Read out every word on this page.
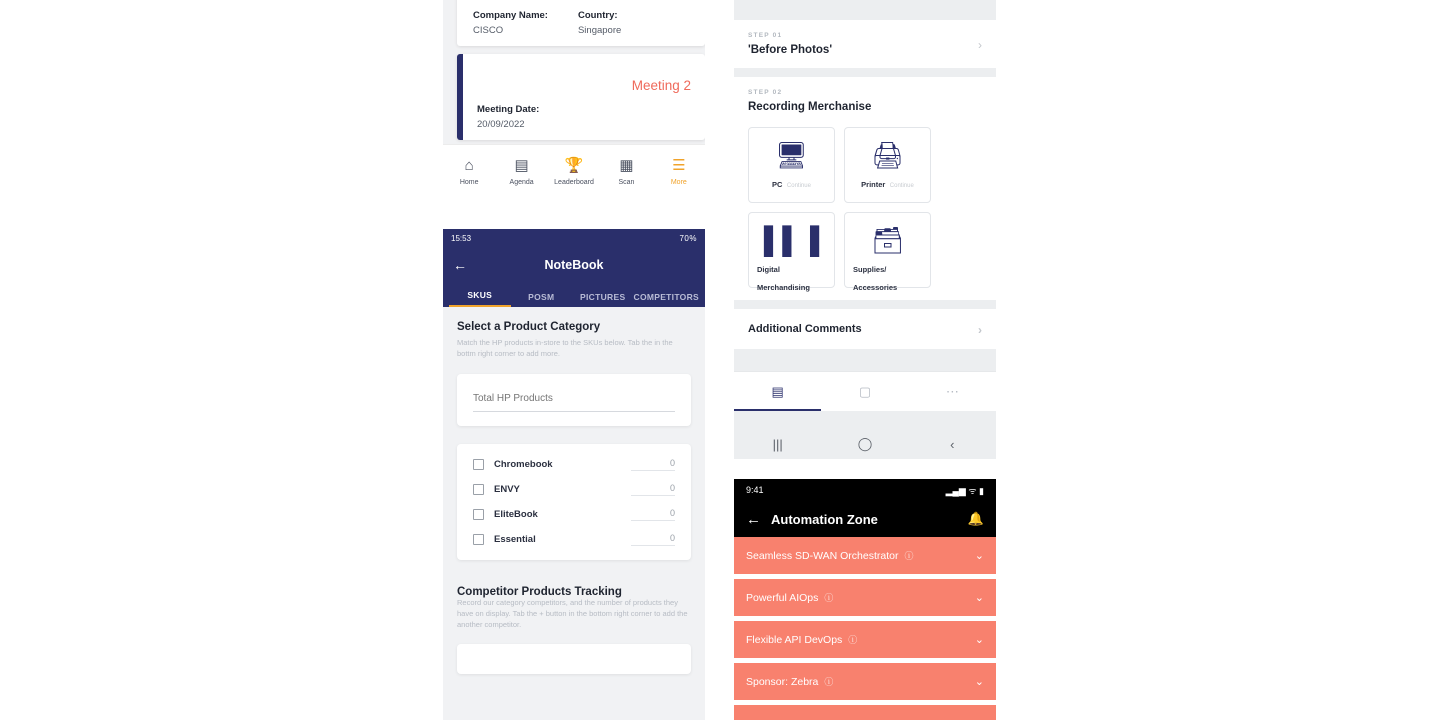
Company Name:
CISCO
Country:
Singapore
Meeting 2
Meeting Date:
20/09/2022
⌂
Home
▤
Agenda
🏆
Leaderboard
▦
Scan
☰
More
15:53	70%
←	NoteBook
SKUS	POSM	PICTURES COMPETITORS
Select a Product Category
Match the HP products in-store to the SKUs below. Tab the in the bottm right corner to add more.
Total HP Products
Chromebook	0
ENVY	0
EliteBook	0
Essential	0
Competitor Products Tracking
Record our category competitors, and the number of products they have on display. Tab the + button in the bottom right corner to add the another competitor.
STEP 01
'Before Photos'	›
STEP 02
Recording Merchanise
🖥
PC Continue
🖨
Printer Continue
▌▌▐
Digital Merchandising
🗃
Supplies/ Accessories
Additional Comments	›
▤	▢	⋯
|||	◯	‹
9:41	▂▄▆ ᯤ ▮
← Automation Zone	🔔
Seamless SD-WAN Orchestrator ⓘ	⌄
Powerful AIOps ⓘ	⌄
Flexible API DevOps ⓘ	⌄
Sponsor: Zebra ⓘ	⌄
